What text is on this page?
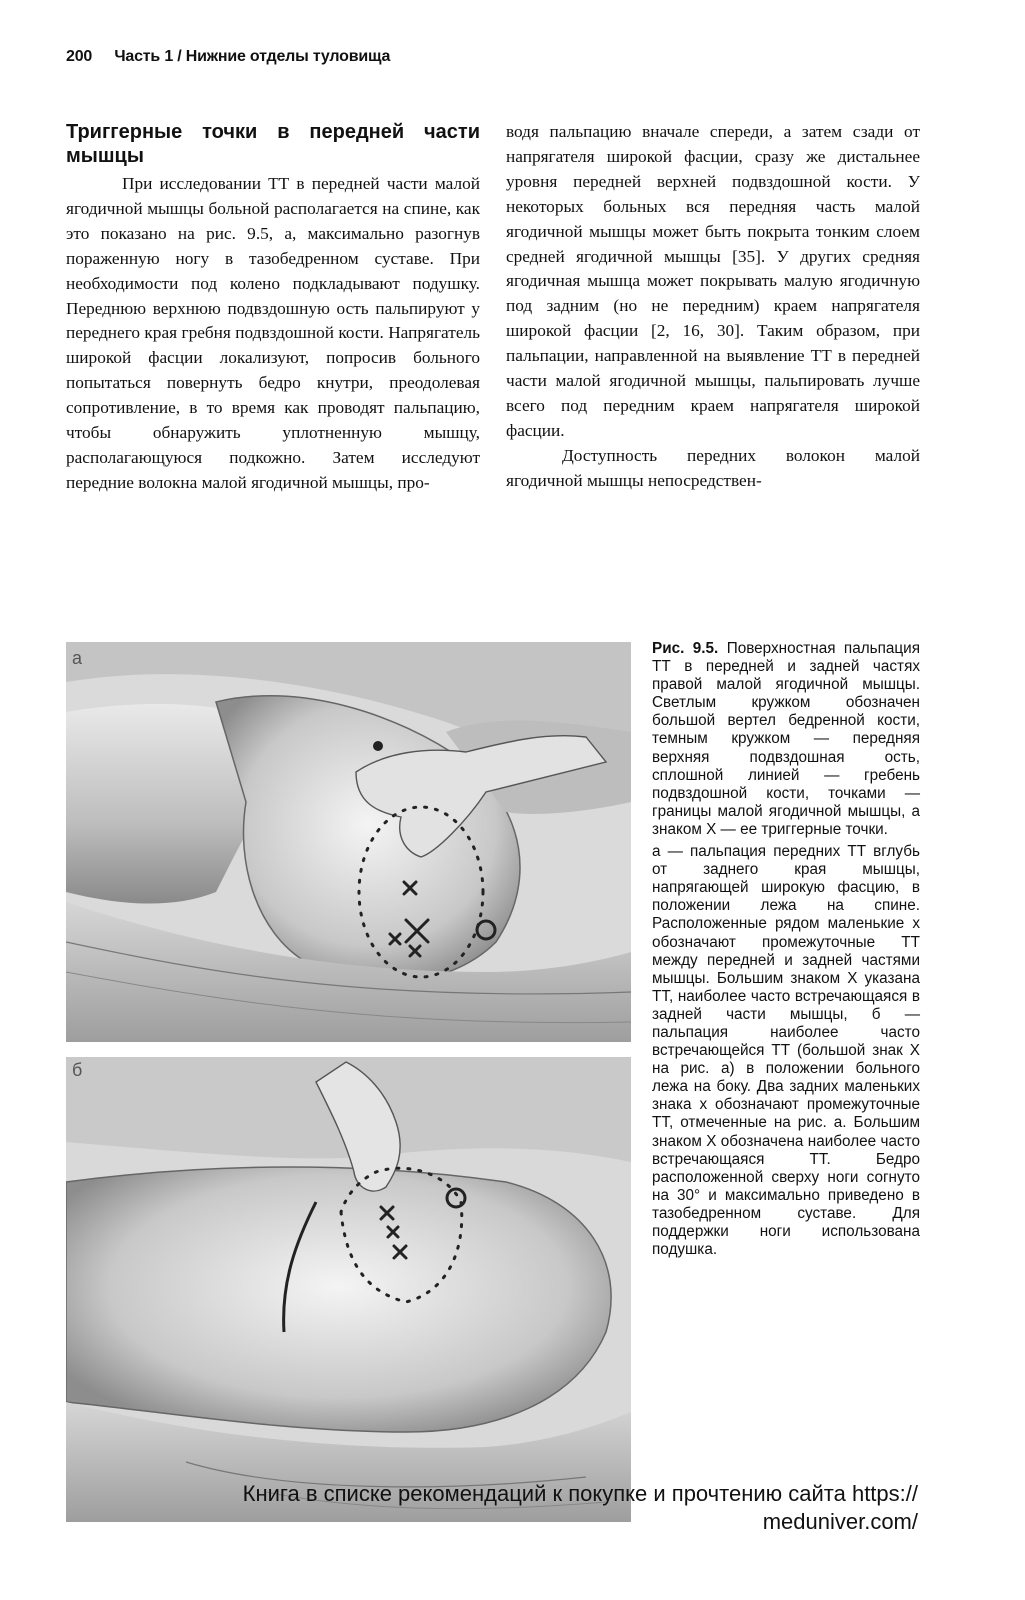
200 Часть 1 / Нижние отделы туловища
Триггерные точки в передней части мышцы

При исследовании ТТ в передней части малой ягодичной мышцы больной располагается на спине, как это показано на рис. 9.5, а, максимально разогнув пораженную ногу в тазобедренном суставе. При необходимости под колено подкладывают подушку. Переднюю верхнюю подвздошную ость пальпируют у переднего края гребня подвздошной кости. Напрягатель широкой фасции локализуют, попросив больного попытаться повернуть бедро кнутри, преодолевая сопротивление, в то время как проводят пальпацию, чтобы обнаружить уплотненную мышцу, располагающуюся подкожно. Затем исследуют передние волокна малой ягодичной мышцы, про-

водя пальпацию вначале спереди, а затем сзади от напрягателя широкой фасции, сразу же дистальнее уровня передней верхней подвздошной кости. У некоторых больных вся передняя часть малой ягодичной мышцы может быть покрыта тонким слоем средней ягодичной мышцы [35]. У других средняя ягодичная мышца может покрывать малую ягодичную под задним (но не передним) краем напрягателя широкой фасции [2, 16, 30]. Таким образом, при пальпации, направленной на выявление ТТ в передней части малой ягодичной мышцы, пальпировать лучше всего под передним краем напрягателя широкой фасции.

Доступность передних волокон малой ягодичной мышцы непосредствен-

а
б

Рис. 9.5. Поверхностная пальпация ТТ в передней и задней частях правой малой ягодичной мышцы. Светлым кружком обозначен большой вертел бедренной кости, темным кружком — передняя верхняя подвздошная ость, сплошной линией — гребень подвздошной кости, точками — границы малой ягодичной мышцы, а знаком X — ее триггерные точки.

а — пальпация передних ТТ вглубь от заднего края мышцы, напрягающей широкую фасцию, в положении лежа на спине. Расположенные рядом маленькие x обозначают промежуточные ТТ между передней и задней частями мышцы. Большим знаком X указана ТТ, наиболее часто встречающаяся в задней части мышцы, б — пальпация наиболее часто встречающейся ТТ (большой знак X на рис. а) в положении больного лежа на боку. Два задних маленьких знака x обозначают промежуточные ТТ, отмеченные на рис. а. Большим знаком X обозначена наиболее часто встречающаяся ТТ. Бедро расположенной сверху ноги согнуто на 30° и максимально приведено в тазобедренном суставе. Для поддержки ноги использована подушка.

Книга в списке рекомендаций к покупке и прочтению сайта https:// meduniver.com/
